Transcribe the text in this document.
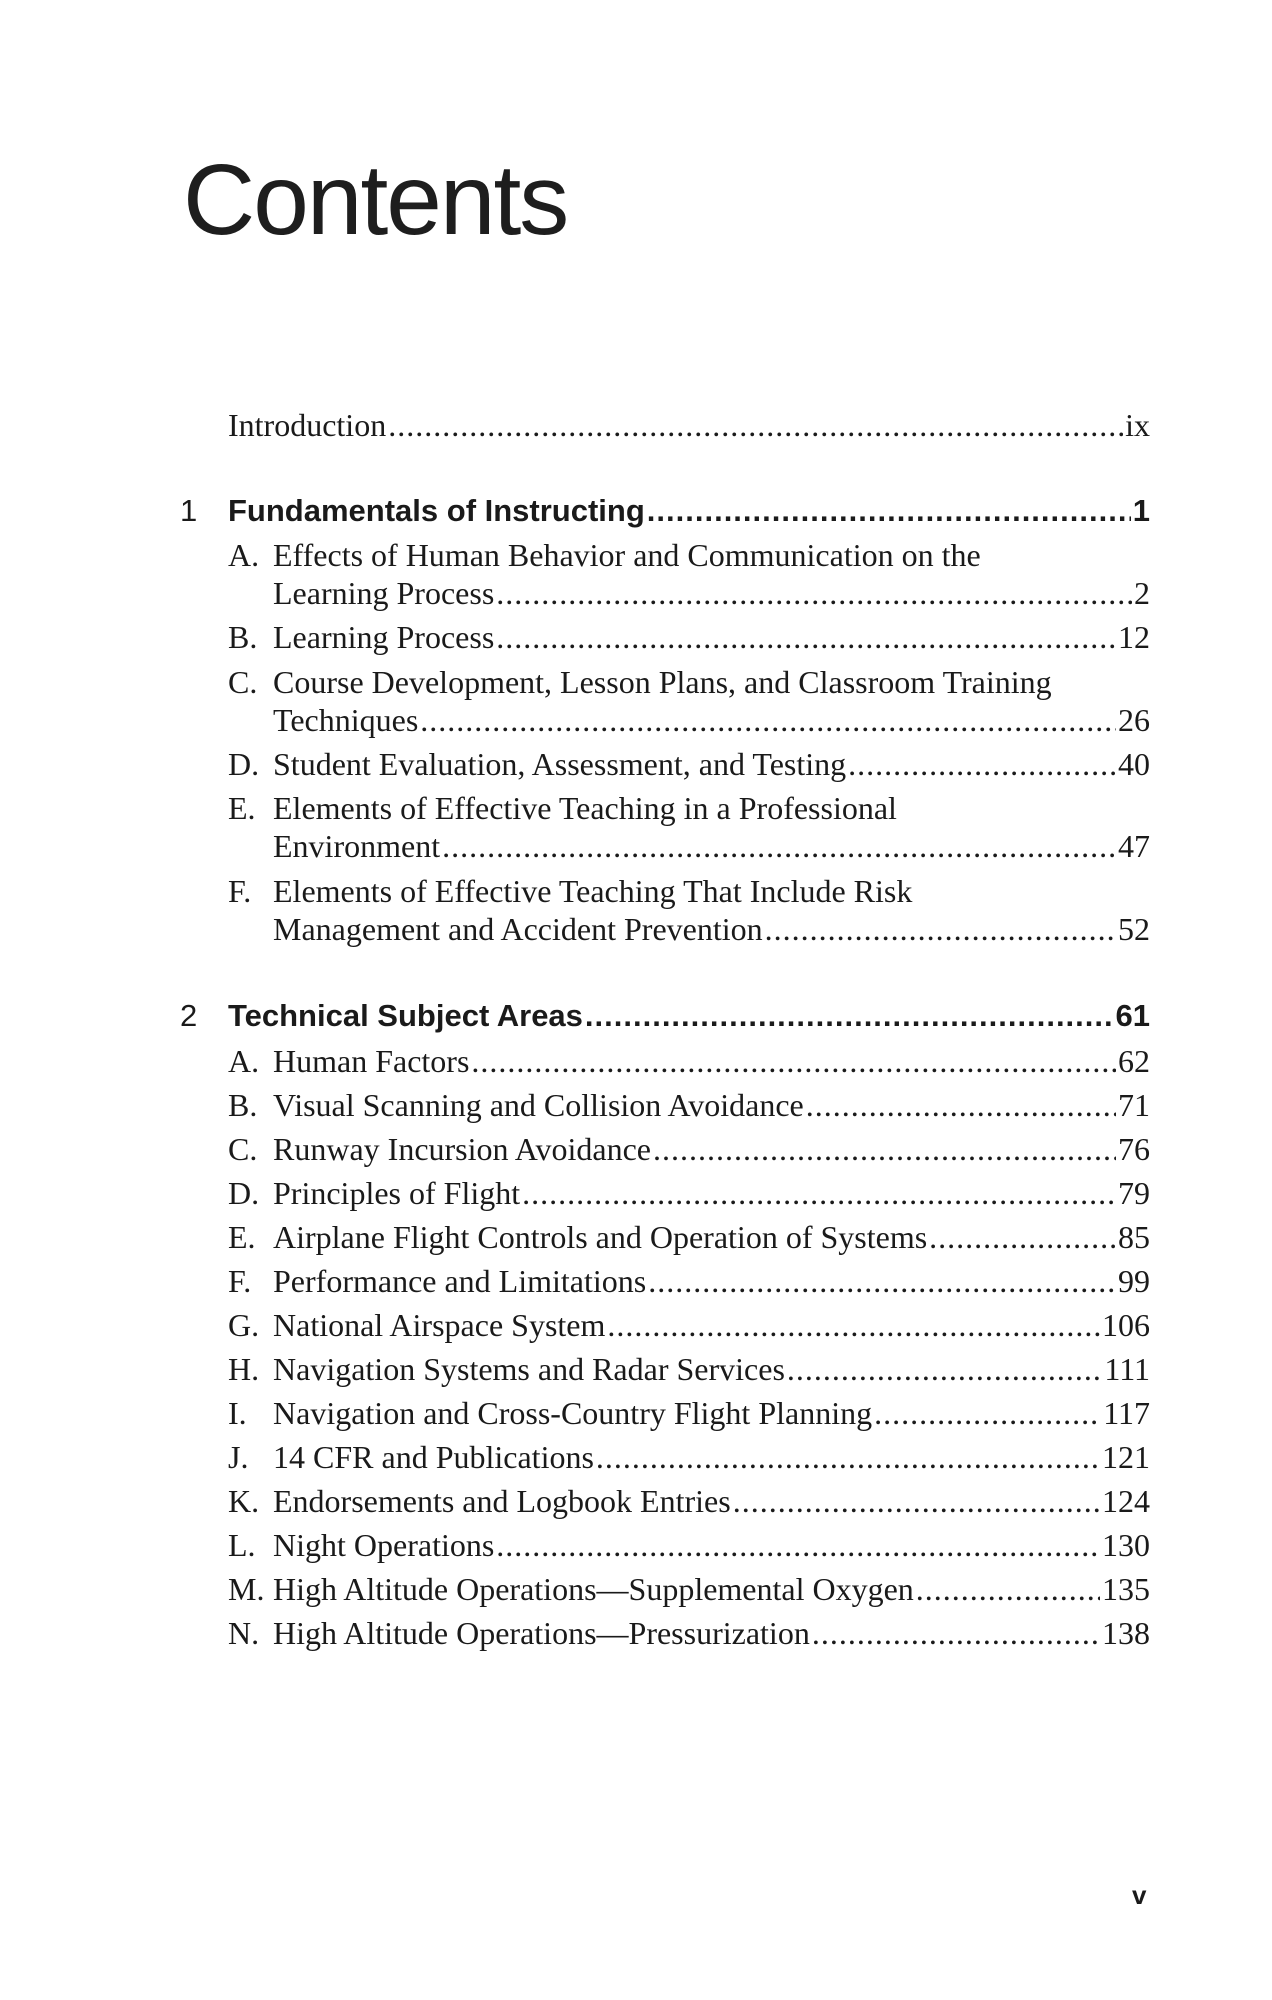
Contents
Introduction .....	ix
1 Fundamentals of Instructing .....	1
A. Effects of Human Behavior and Communication on the
Learning Process .....	2
B. Learning Process .....	12
C. Course Development, Lesson Plans, and Classroom Training
Techniques .....	26
D. Student Evaluation, Assessment, and Testing .....	40
E. Elements of Effective Teaching in a Professional
Environment .....	47
F. Elements of Effective Teaching That Include Risk
Management and Accident Prevention .....	52
2 Technical Subject Areas .....	61
A. Human Factors .....	62
B. Visual Scanning and Collision Avoidance .....	71
C. Runway Incursion Avoidance .....	76
D. Principles of Flight .....	79
E. Airplane Flight Controls and Operation of Systems .....	85
F. Performance and Limitations .....	99
G. National Airspace System .....	106
H. Navigation Systems and Radar Services .....	111
I. Navigation and Cross-Country Flight Planning .....	117
J. 14 CFR and Publications .....	121
K. Endorsements and Logbook Entries .....	124
L. Night Operations .....	130
M. High Altitude Operations—Supplemental Oxygen .....	135
N. High Altitude Operations—Pressurization .....	138
v
